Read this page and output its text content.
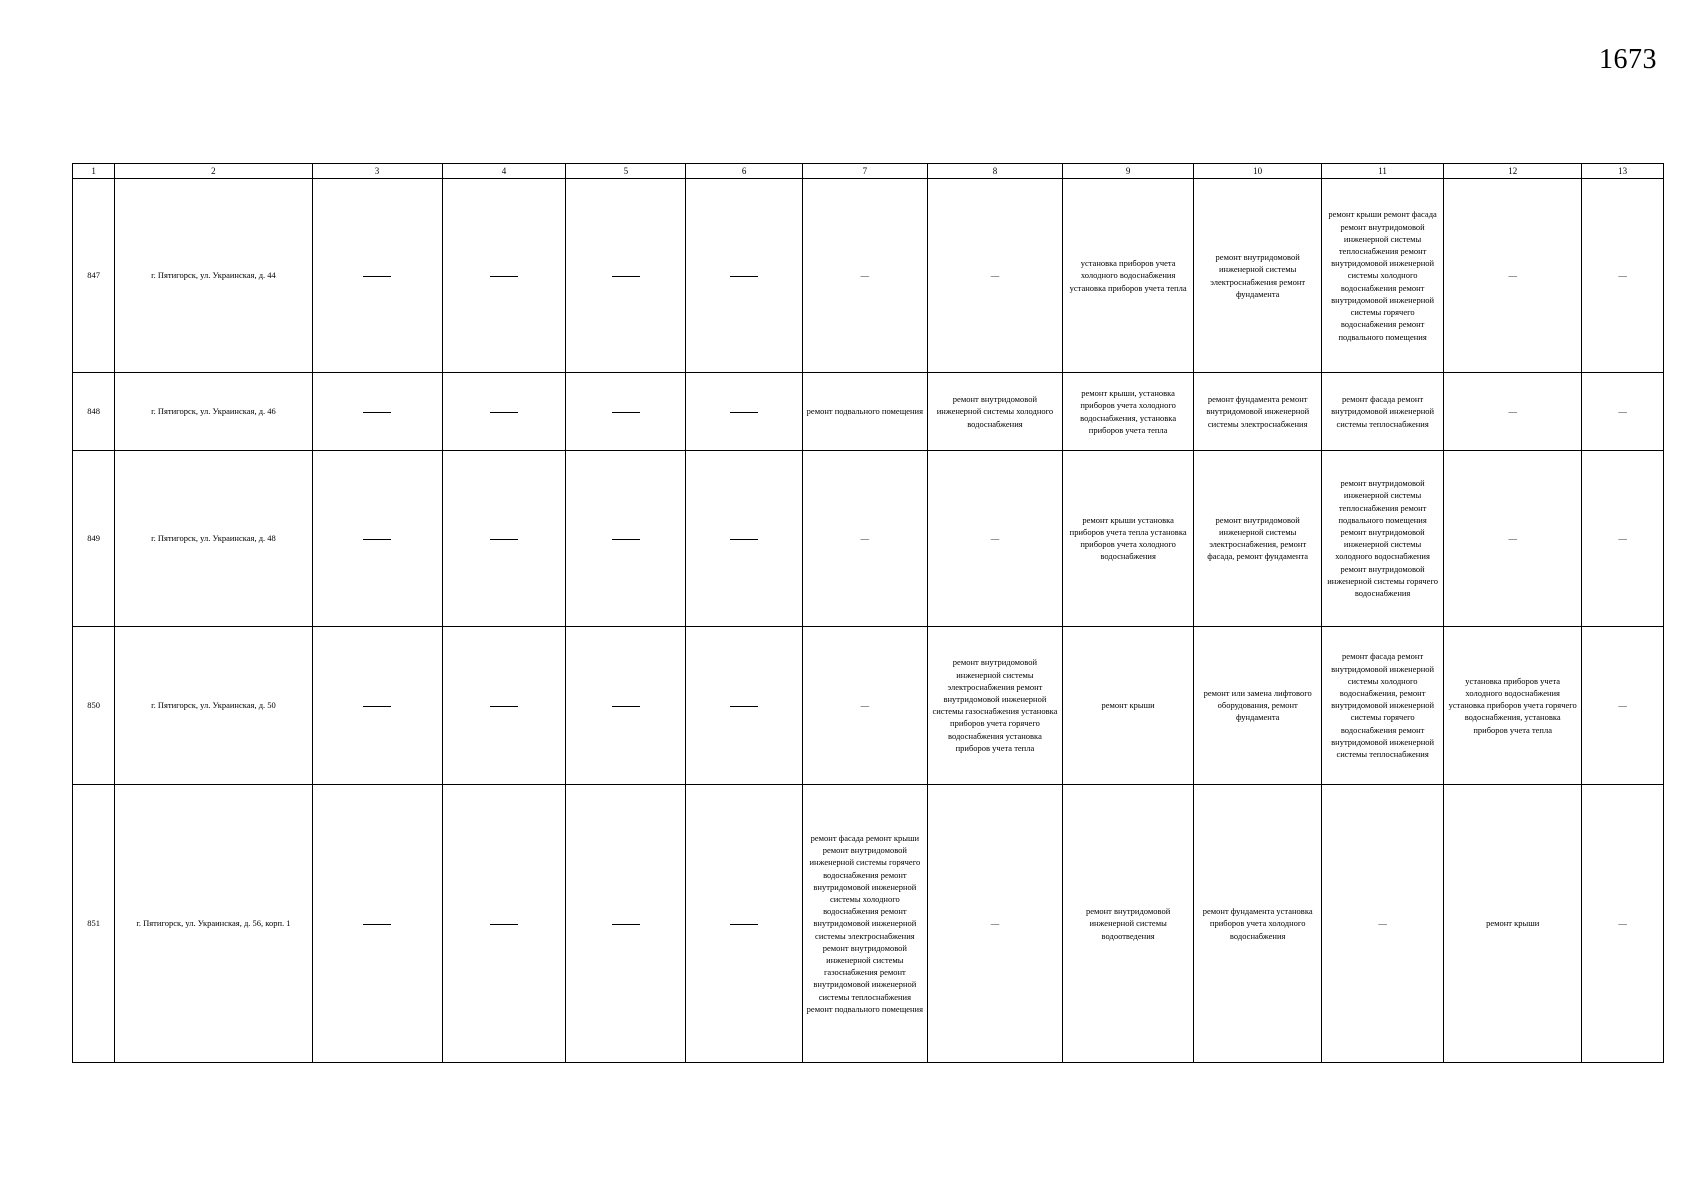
1673
1	2	3	4	5	6	7	8	9	10	11	12	13
847	г. Пятигорск, ул. Украинская, д. 44					—	—	установка приборов учета холодного водоснабжения установка приборов учета тепла	ремонт внутридомовой инженерной системы электроснабжения ремонт фундамента	ремонт крыши ремонт фасада ремонт внутридомовой инженерной системы теплоснабжения ремонт внутридомовой инженерной системы холодного водоснабжения ремонт внутридомовой инженерной системы горячего водоснабжения ремонт подвального помещения	—	—
848	г. Пятигорск, ул. Украинская, д. 46					ремонт подвального помещения	ремонт внутридомовой инженерной системы холодного водоснабжения	ремонт крыши, установка приборов учета холодного водоснабжения, установка приборов учета тепла	ремонт фундамента ремонт внутридомовой инженерной системы электроснабжения	ремонт фасада ремонт внутридомовой инженерной системы теплоснабжения	—	—
849	г. Пятигорск, ул. Украинская, д. 48					—	—	ремонт крыши установка приборов учета тепла установка приборов учета холодного водоснабжения	ремонт внутридомовой инженерной системы электроснабжения, ремонт фасада, ремонт фундамента	ремонт внутридомовой инженерной системы теплоснабжения ремонт подвального помещения ремонт внутридомовой инженерной системы холодного водоснабжения ремонт внутридомовой инженерной системы горячего водоснабжения	—	—
850	г. Пятигорск, ул. Украинская, д. 50					—	ремонт внутридомовой инженерной системы электроснабжения ремонт внутридомовой инженерной системы газоснабжения установка приборов учета горячего водоснабжения установка приборов учета тепла	ремонт крыши	ремонт или замена лифтового оборудования, ремонт фундамента	ремонт фасада ремонт внутридомовой инженерной системы холодного водоснабжения, ремонт внутридомовой инженерной системы горячего водоснабжения ремонт внутридомовой инженерной системы теплоснабжения	установка приборов учета холодного водоснабжения установка приборов учета горячего водоснабжения, установка приборов учета тепла	—
851	г. Пятигорск, ул. Украинская, д. 56, корп. 1					ремонт фасада ремонт крыши ремонт внутридомовой инженерной системы горячего водоснабжения ремонт внутридомовой инженерной системы холодного водоснабжения ремонт внутридомовой инженерной системы электроснабжения ремонт внутридомовой инженерной системы газоснабжения ремонт внутридомовой инженерной системы теплоснабжения ремонт подвального помещения	—	ремонт внутридомовой инженерной системы водоотведения	ремонт фундамента установка приборов учета холодного водоснабжения	—	ремонт крыши	—
